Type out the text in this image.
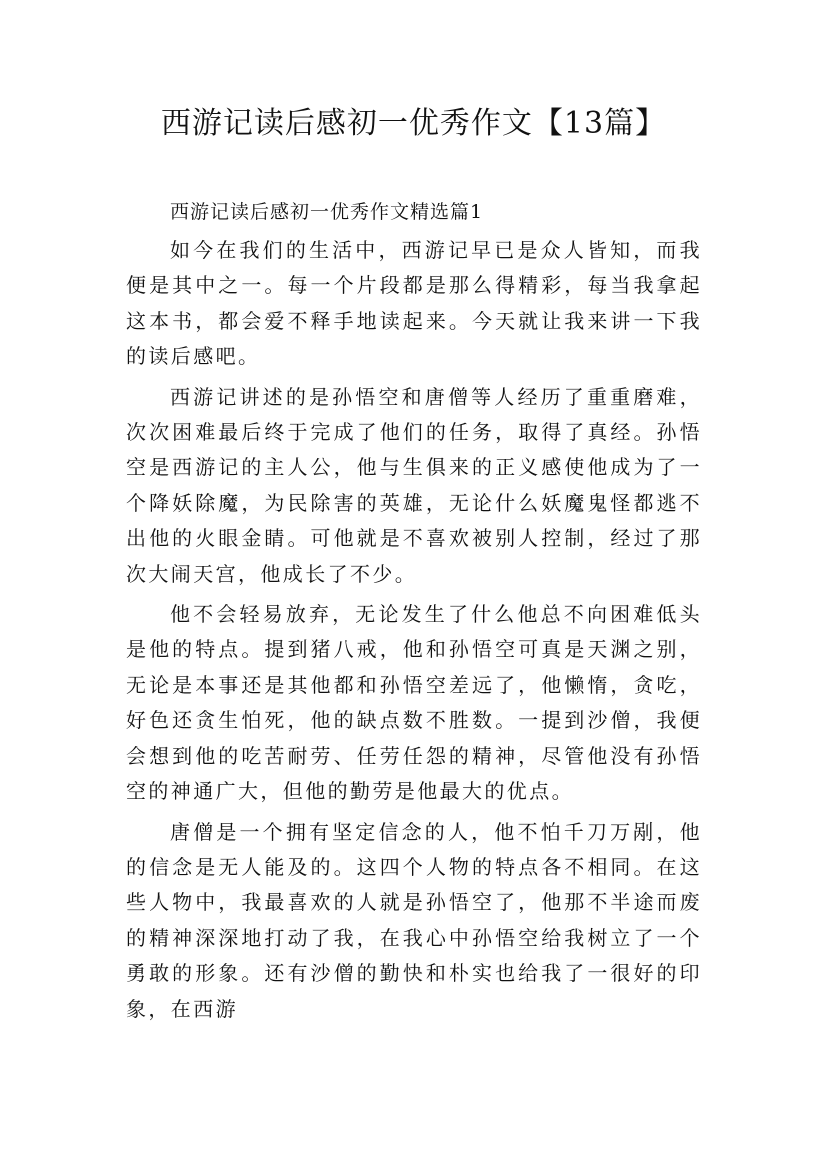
西游记读后感初一优秀作文【13篇】

西游记读后感初一优秀作文精选篇1

如今在我们的生活中，西游记早已是众人皆知，而我便是其中之一。每一个片段都是那么得精彩，每当我拿起这本书，都会爱不释手地读起来。今天就让我来讲一下我的读后感吧。

西游记讲述的是孙悟空和唐僧等人经历了重重磨难，次次困难最后终于完成了他们的任务，取得了真经。孙悟空是西游记的主人公，他与生俱来的正义感使他成为了一个降妖除魔，为民除害的英雄，无论什么妖魔鬼怪都逃不出他的火眼金睛。可他就是不喜欢被别人控制，经过了那次大闹天宫，他成长了不少。

他不会轻易放弃，无论发生了什么他总不向困难低头是他的特点。提到猪八戒，他和孙悟空可真是天渊之别，无论是本事还是其他都和孙悟空差远了，他懒惰，贪吃，好色还贪生怕死，他的缺点数不胜数。一提到沙僧，我便会想到他的吃苦耐劳、任劳任怨的精神，尽管他没有孙悟空的神通广大，但他的勤劳是他最大的优点。

唐僧是一个拥有坚定信念的人，他不怕千刀万剐，他的信念是无人能及的。这四个人物的特点各不相同。在这些人物中，我最喜欢的人就是孙悟空了，他那不半途而废的精神深深地打动了我，在我心中孙悟空给我树立了一个勇敢的形象。还有沙僧的勤快和朴实也给我了一很好的印象，在西游
